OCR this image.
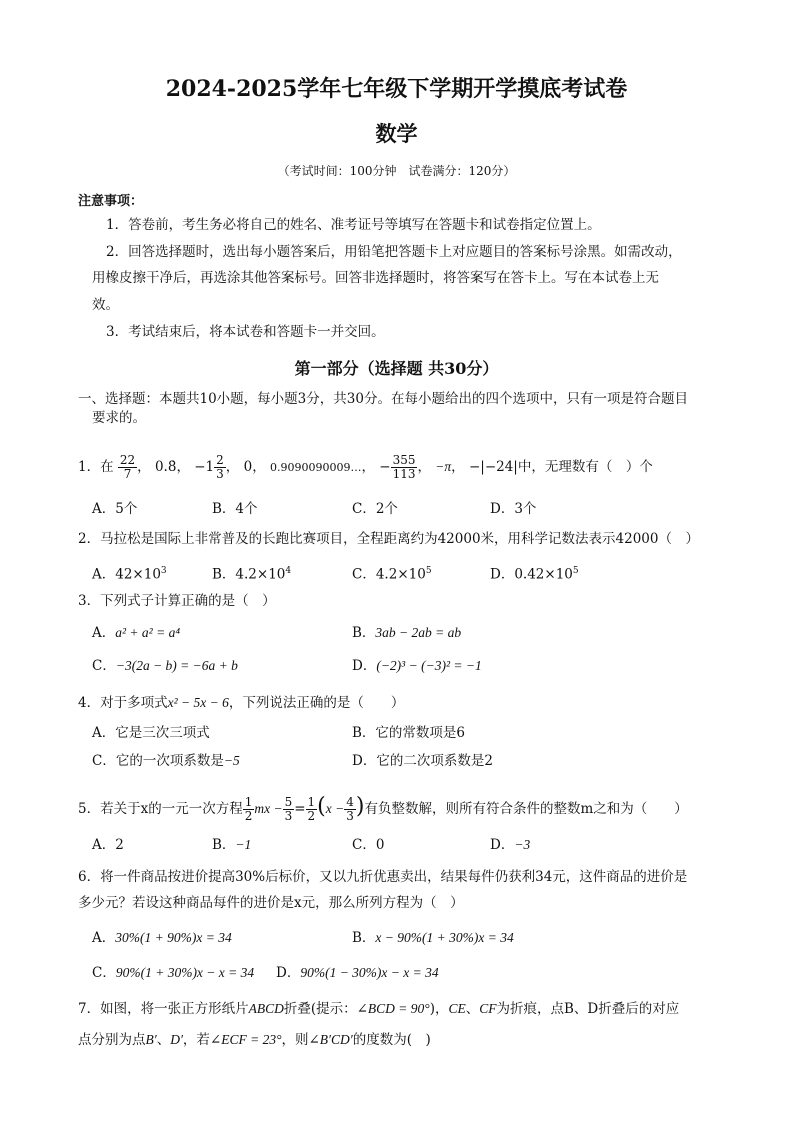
2024-2025学年七年级下学期开学摸底考试卷
数学
（考试时间：100分钟　试卷满分：120分）
注意事项：
1．答卷前，考生务必将自己的姓名、准考证号等填写在答题卡和试卷指定位置上。
2．回答选择题时，选出每小题答案后，用铅笔把答题卡上对应题目的答案标号涂黑。如需改动，
用橡皮擦干净后，再选涂其他答案标号。回答非选择题时，将答案写在答卡上。写在本试卷上无
效。
3．考试结束后，将本试卷和答题卡一并交回。
第一部分（选择题 共30分）
一、选择题：本题共10小题，每小题3分，共30分。在每小题给出的四个选项中，只有一项是符合题目
要求的。
1．在 $\frac{22}{7}$ ， 0.8̇， $-1 \frac{2}{3}$ ， 0， 0.9090090009…， − $\frac{355}{113}$ ， −π， −|−24|中，无理数有（　）个
A．5个	B．4个	C．2个	D．3个
2．马拉松是国际上非常普及的长跑比赛项目，全程距离约为42000米，用科学记数法表示42000（　）
A．$42\times 10^3$	B．$4.2\times 10^4$	C．$4.2\times 10^5$	D．$0.42\times 10^5$
3．下列式子计算正确的是（　）
A．a² + a² = a⁴	B．3ab − 2ab = ab
C．−3(2a − b) = −6a + b	D．(−2)³ − (−3)² = −1
4．对于多项式x² − 5x − 6，下列说法正确的是（　　）
A．它是三次三项式	B．它的常数项是6
C．它的一次项系数是−5	D．它的二次项系数是2
5．若关于x的一元一次方程 $\frac{1}{2}$ mx − $\frac{5}{3} = \frac{1}{2} (x - \frac{4}{3}$ )有负整数解，则所有符合条件的整数m之和为（　　）
A．2	B．−1	C．0	D．−3
6．将一件商品按进价提高30%后标价，又以九折优惠卖出，结果每件仍获利34元，这件商品的进价是
多少元？若设这种商品每件的进价是x元，那么所列方程为（　）
A．30%(1 + 90%)x = 34	B．x − 90%(1 + 30%)x = 34
C．90%(1 + 30%)x − x = 34 D．90%(1 − 30%)x − x = 34
7．如图，将一张正方形纸片ABCD折叠(提示：∠BCD = 90°)，CE、CF为折痕，点B、D折叠后的对应
点分别为点B′、D′，若∠ECF = 23°，则∠B′CD′的度数为(　)
